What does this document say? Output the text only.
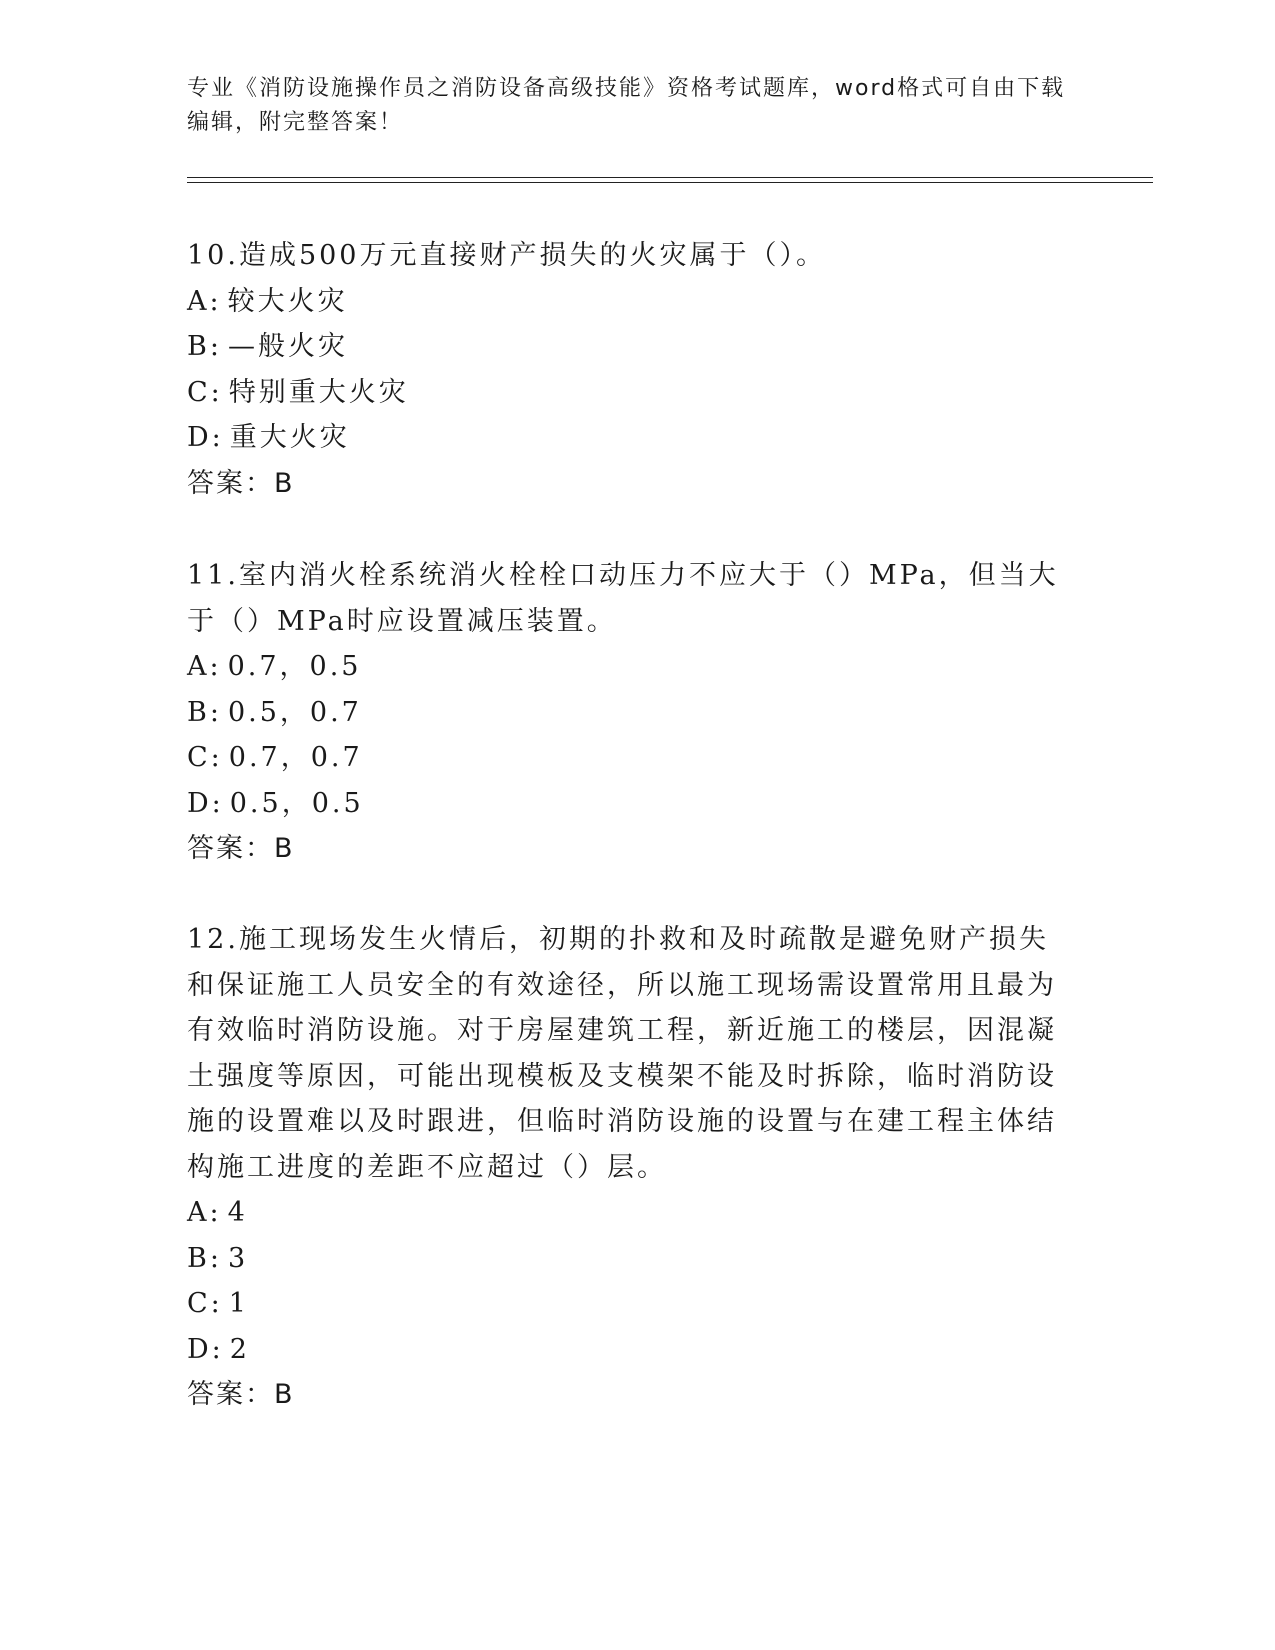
专业《消防设施操作员之消防设备高级技能》资格考试题库，word格式可自由下载编辑，附完整答案！
10.造成500万元直接财产损失的火灾属于（）。
A: 较大火灾
B: —般火灾
C: 特别重大火灾
D: 重大火灾
答案：B
11.室内消火栓系统消火栓栓口动压力不应大于（）MPa，但当大于（）MPa时应设置减压装置。
A: 0.7，0.5
B: 0.5，0.7
C: 0.7，0.7
D: 0.5，0.5
答案：B
12.施工现场发生火情后，初期的扑救和及时疏散是避免财产损失和保证施工人员安全的有效途径，所以施工现场需设置常用且最为有效临时消防设施。对于房屋建筑工程，新近施工的楼层，因混凝土强度等原因，可能出现模板及支模架不能及时拆除，临时消防设施的设置难以及时跟进，但临时消防设施的设置与在建工程主体结构施工进度的差距不应超过（）层。
A: 4
B: 3
C: 1
D: 2
答案：B
